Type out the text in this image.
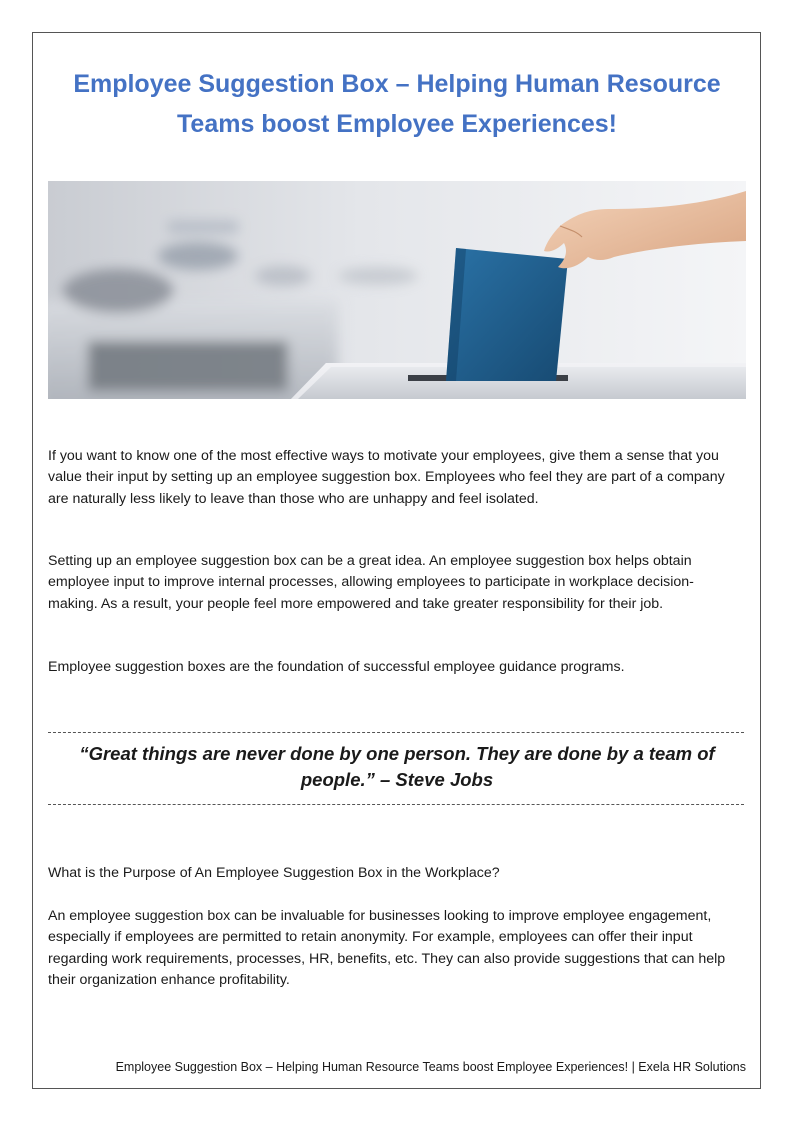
Employee Suggestion Box – Helping Human Resource Teams boost Employee Experiences!

If you want to know one of the most effective ways to motivate your employees, give them a sense that you value their input by setting up an employee suggestion box. Employees who feel they are part of a company are naturally less likely to leave than those who are unhappy and feel isolated.

Setting up an employee suggestion box can be a great idea. An employee suggestion box helps obtain employee input to improve internal processes, allowing employees to participate in workplace decision-making. As a result, your people feel more empowered and take greater responsibility for their job.

Employee suggestion boxes are the foundation of successful employee guidance programs.

“Great things are never done by one person. They are done by a team of people.” – Steve Jobs

What is the Purpose of An Employee Suggestion Box in the Workplace?

An employee suggestion box can be invaluable for businesses looking to improve employee engagement, especially if employees are permitted to retain anonymity. For example, employees can offer their input regarding work requirements, processes, HR, benefits, etc. They can also provide suggestions that can help their organization enhance profitability.

Employee Suggestion Box – Helping Human Resource Teams boost Employee Experiences! | Exela HR Solutions
